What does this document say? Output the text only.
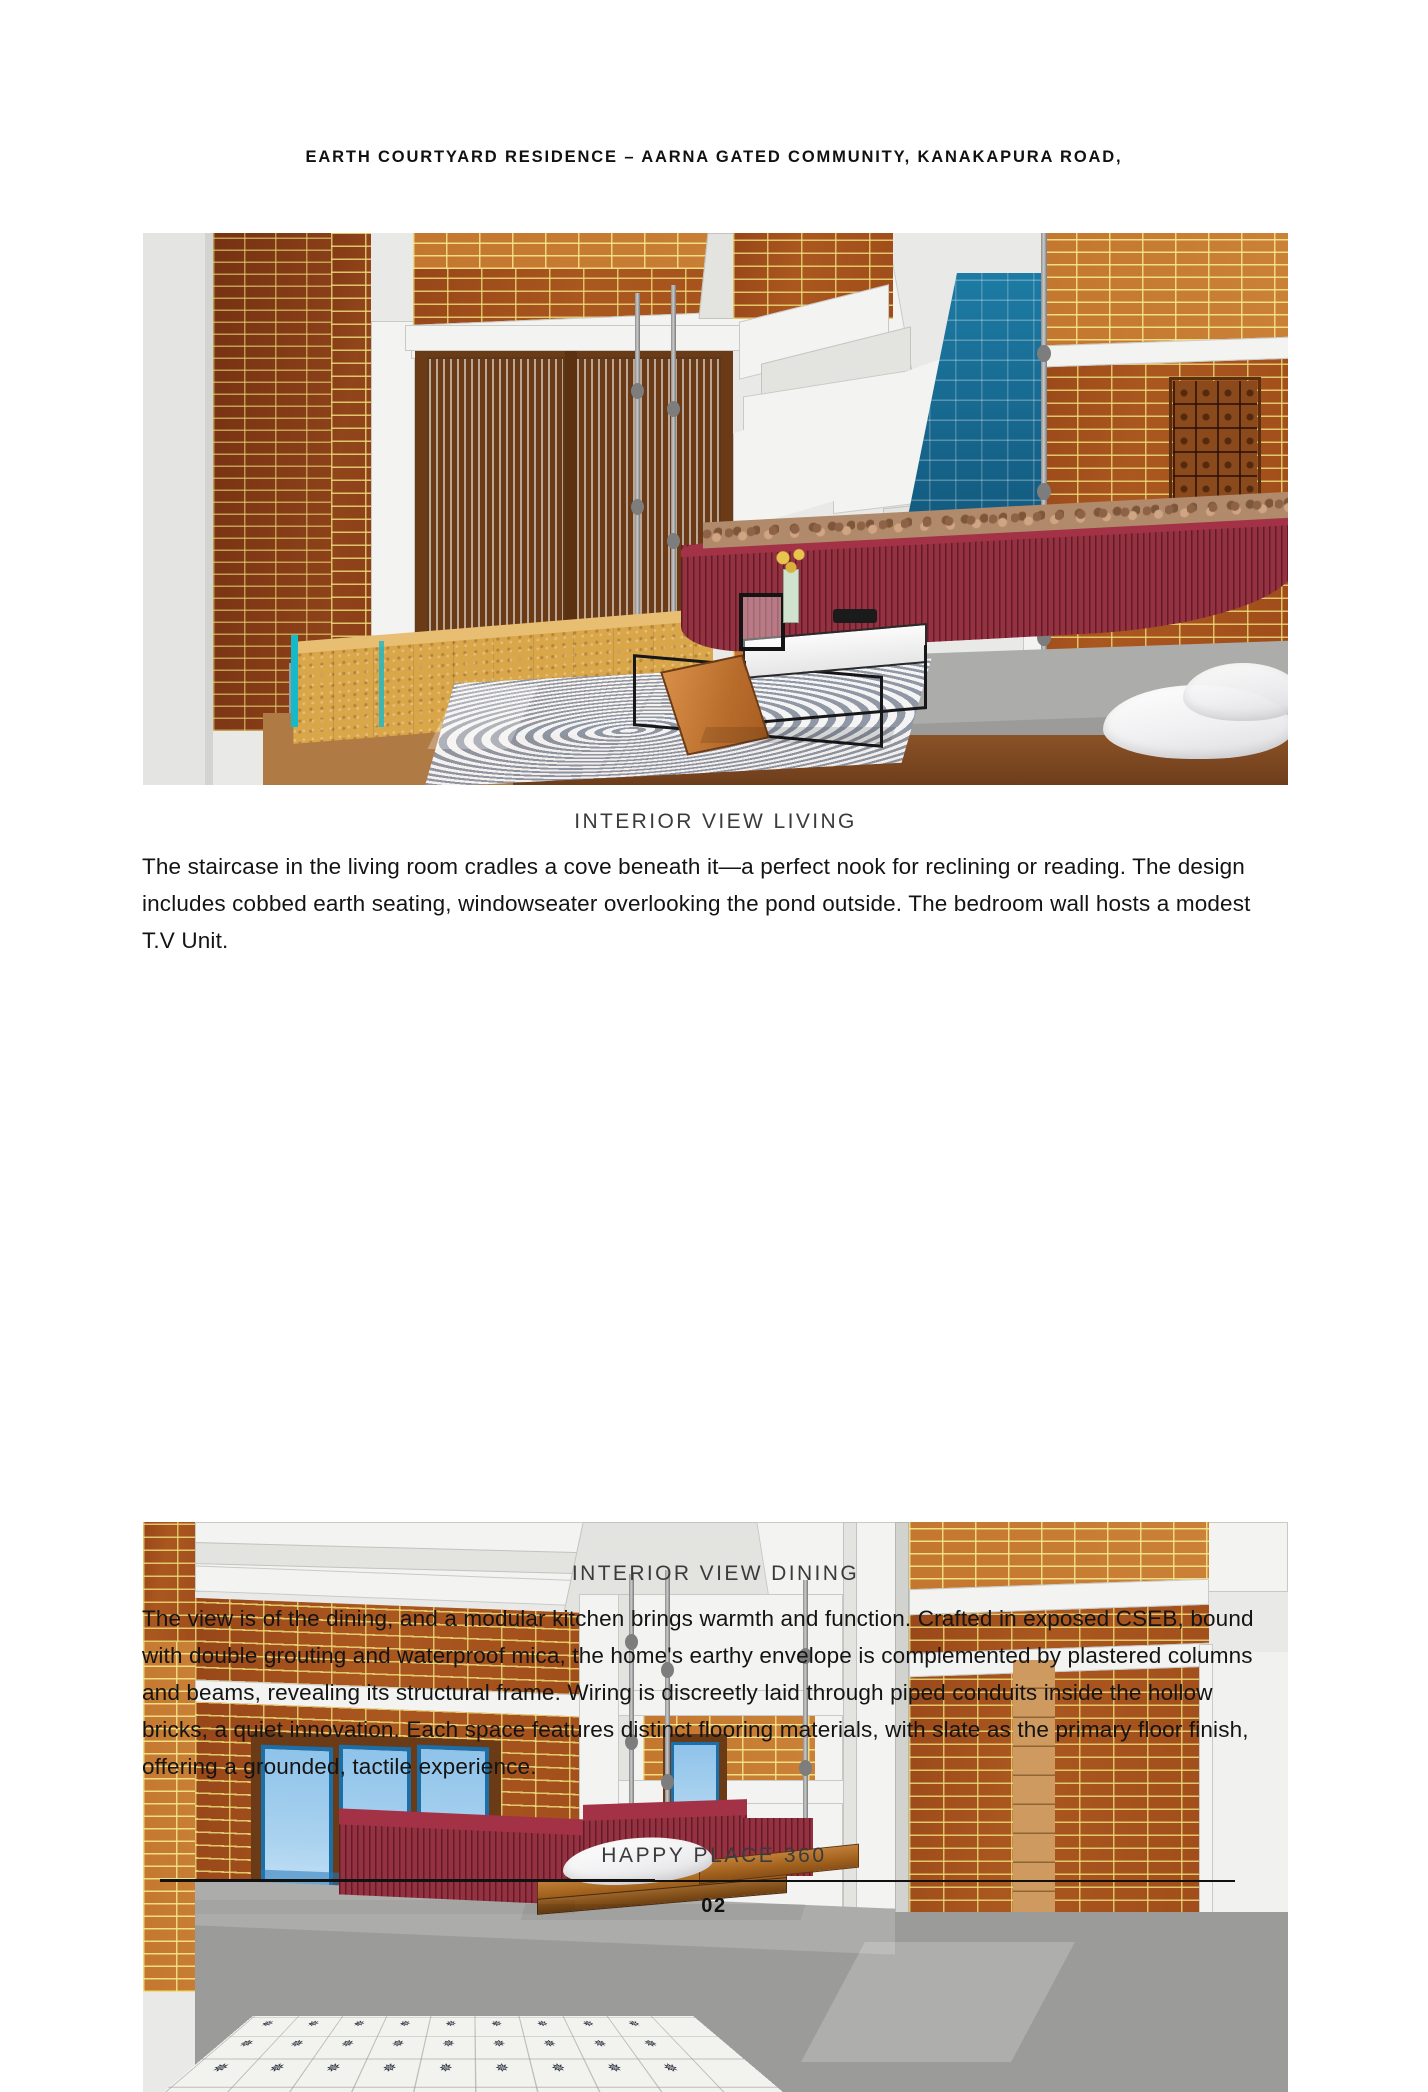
EARTH COURTYARD RESIDENCE – AARNA GATED COMMUNITY, KANAKAPURA ROAD,
INTERIOR VIEW LIVING
The staircase in the living room cradles a cove beneath it—a perfect nook for reclining or reading. The design includes cobbed earth seating, windowseater overlooking the pond outside. The bedroom wall hosts a modest T.V Unit.
✵ ✵ ✵ ✵ ✵ ✵ ✵ ✵ ✵
✵ ✵ ✵ ✵ ✵ ✵ ✵ ✵ ✵
✵ ✵ ✵ ✵ ✵ ✵ ✵ ✵ ✵
INTERIOR VIEW DINING
The view is of the dining, and a modular kitchen brings warmth and function. Crafted in exposed CSEB, bound with double grouting and waterproof mica, the home's earthy envelope is complemented by plastered columns and beams, revealing its structural frame. Wiring is discreetly laid through piped conduits inside the hollow bricks, a quiet innovation. Each space features distinct flooring materials, with slate as the primary floor finish, offering a grounded, tactile experience.
HAPPY PLACE 360
02
